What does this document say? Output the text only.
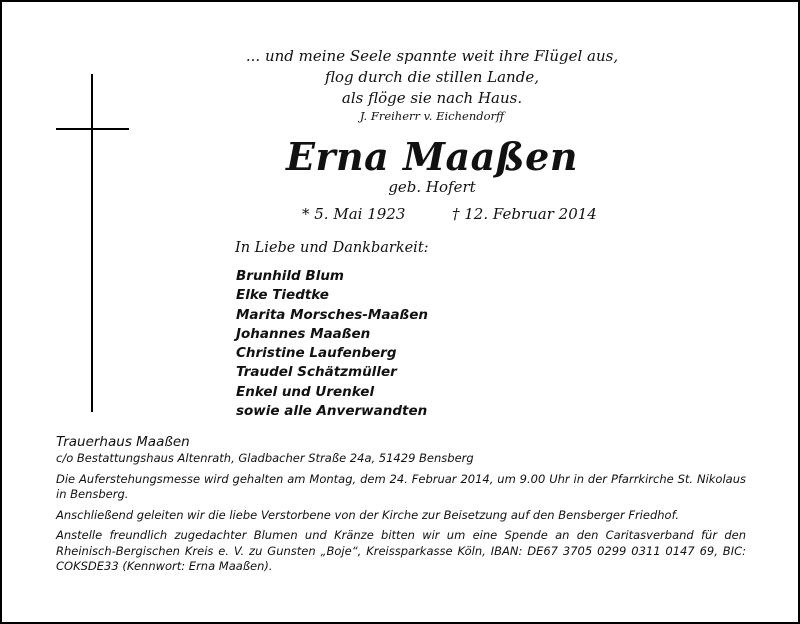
... und meine Seele spannte weit ihre Flügel aus,
flog durch die stillen Lande,
als flöge sie nach Haus.
J. Freiherr v. Eichendorff
Erna Maaßen
geb. Hofert
* 5. Mai 1923	† 12. Februar 2014
In Liebe und Dankbarkeit:
Brunhild Blum
Elke Tiedtke
Marita Morsches-Maaßen
Johannes Maaßen
Christine Laufenberg
Traudel Schätzmüller
Enkel und Urenkel
sowie alle Anverwandten
Trauerhaus Maaßen

c/o Bestattungshaus Altenrath, Gladbacher Straße 24a, 51429 Bensberg

Die Auferstehungsmesse wird gehalten am Montag, dem 24. Februar 2014, um 9.00 Uhr in der Pfarrkirche St. Nikolaus in Bensberg.

Anschließend geleiten wir die liebe Verstorbene von der Kirche zur Beisetzung auf den Bensberger Friedhof.

Anstelle freundlich zugedachter Blumen und Kränze bitten wir um eine Spende an den Caritasverband für den Rheinisch-Bergischen Kreis e. V. zu Gunsten „Boje“, Kreissparkasse Köln, IBAN: DE67 3705 0299 0311 0147 69, BIC: COKSDE33 (Kennwort: Erna Maaßen).
